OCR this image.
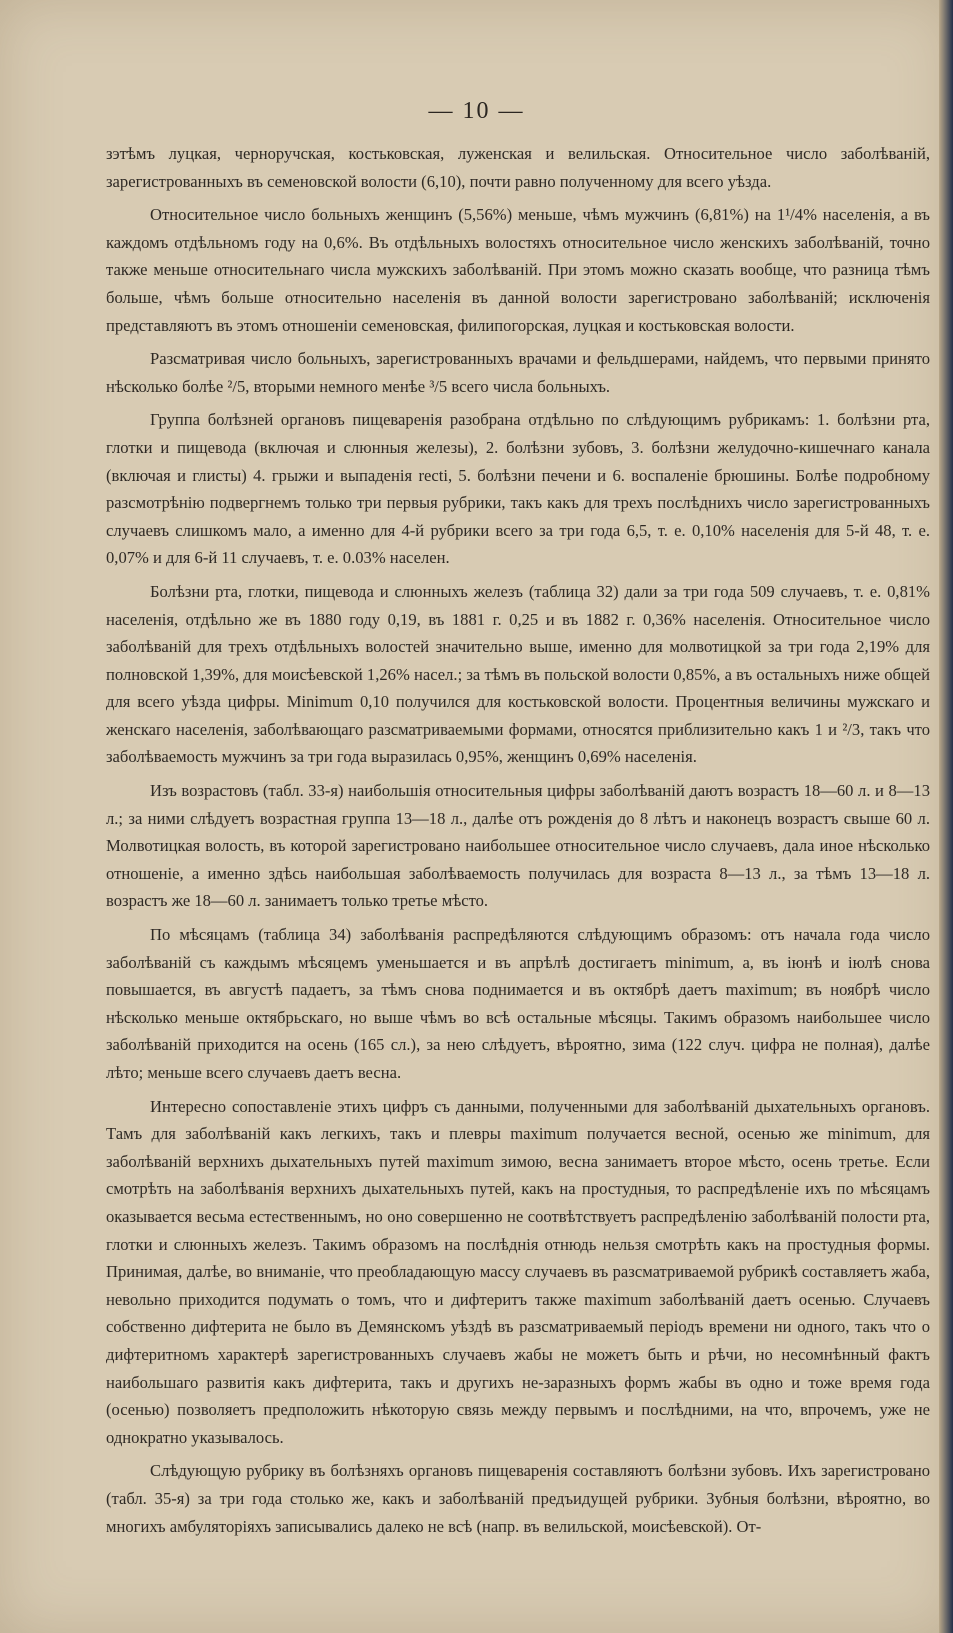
— 10 —

зэтѣмъ луцкая, черноручская, костьковская, луженская и велильская. Относительное число заболѣваній, зарегистрованныхъ въ семеновской волости (6,10), почти равно полученному для всего уѣзда.

Относительное число больныхъ женщинъ (5,56%) меньше, чѣмъ мужчинъ (6,81%) на 1¹/4% населенія, а въ каждомъ отдѣльномъ году на 0,6%. Въ отдѣльныхъ волостяхъ относительное число женскихъ заболѣваній, точно также меньше относительнаго числа мужскихъ заболѣваній. При этомъ можно сказать вообще, что разница тѣмъ больше, чѣмъ больше относительно населенія въ данной волости зарегистровано заболѣваній; исключенія представляютъ въ этомъ отношеніи семеновская, филипогорская, луцкая и костьковская волости.

Разсматривая число больныхъ, зарегистрованныхъ врачами и фельдшерами, найдемъ, что первыми принято нѣсколько болѣе ²/5, вторыми немного менѣе ³/5 всего числа больныхъ.

Группа болѣзней органовъ пищеваренія разобрана отдѣльно по слѣдующимъ рубрикамъ: 1. болѣзни рта, глотки и пищевода (включая и слюнныя железы), 2. болѣзни зубовъ, 3. болѣзни желудочно-кишечнаго канала (включая и глисты) 4. грыжи и выпаденія recti, 5. болѣзни печени и 6. воспаленіе брюшины. Болѣе подробному разсмотрѣнію подвергнемъ только три первыя рубрики, такъ какъ для трехъ послѣднихъ число зарегистрованныхъ случаевъ слишкомъ мало, а именно для 4-й рубрики всего за три года 6,5, т. е. 0,10% населенія для 5-й 48, т. е. 0,07% и для 6-й 11 случаевъ, т. е. 0.03% населен.

Болѣзни рта, глотки, пищевода и слюнныхъ железъ (таблица 32) дали за три года 509 случаевъ, т. е. 0,81% населенія, отдѣльно же въ 1880 году 0,19, въ 1881 г. 0,25 и въ 1882 г. 0,36% населенія. Относительное число заболѣваній для трехъ отдѣльныхъ волостей значительно выше, именно для молвотицкой за три года 2,19% для полновской 1,39%, для моисѣевской 1,26% насел.; за тѣмъ въ польской волости 0,85%, а въ остальныхъ ниже общей для всего уѣзда цифры. Minimum 0,10 получился для костьковской волости. Процентныя величины мужскаго и женскаго населенія, заболѣвающаго разсматриваемыми формами, относятся приблизительно какъ 1 и ²/3, такъ что заболѣваемость мужчинъ за три года выразилась 0,95%, женщинъ 0,69% населенія.

Изъ возрастовъ (табл. 33-я) наибольшія относительныя цифры заболѣваній даютъ возрастъ 18—60 л. и 8—13 л.; за ними слѣдуетъ возрастная группа 13—18 л., далѣе отъ рожденія до 8 лѣтъ и наконецъ возрастъ свыше 60 л. Молвотицкая волость, въ которой зарегистровано наибольшее относительное число случаевъ, дала иное нѣсколько отношеніе, а именно здѣсь наибольшая заболѣваемость получилась для возраста 8—13 л., за тѣмъ 13—18 л. возрастъ же 18—60 л. занимаетъ только третье мѣсто.

По мѣсяцамъ (таблица 34) заболѣванія распредѣляются слѣдующимъ образомъ: отъ начала года число заболѣваній съ каждымъ мѣсяцемъ уменьшается и въ апрѣлѣ достигаетъ minimum, а, въ іюнѣ и іюлѣ снова повышается, въ августѣ падаетъ, за тѣмъ снова поднимается и въ октябрѣ даетъ maximum; въ ноябрѣ число нѣсколько меньше октябрьскаго, но выше чѣмъ во всѣ остальные мѣсяцы. Такимъ образомъ наибольшее число заболѣваній приходится на осень (165 сл.), за нею слѣдуетъ, вѣроятно, зима (122 случ. цифра не полная), далѣе лѣто; меньше всего случаевъ даетъ весна.

Интересно сопоставленіе этихъ цифръ съ данными, полученными для заболѣваній дыхательныхъ органовъ. Тамъ для заболѣваній какъ легкихъ, такъ и плевры maximum получается весной, осенью же minimum, для заболѣваній верхнихъ дыхательныхъ путей maximum зимою, весна занимаетъ второе мѣсто, осень третье. Если смотрѣть на заболѣванія верхнихъ дыхательныхъ путей, какъ на простудныя, то распредѣленіе ихъ по мѣсяцамъ оказывается весьма естественнымъ, но оно совершенно не соотвѣтствуетъ распредѣленію заболѣваній полости рта, глотки и слюнныхъ железъ. Такимъ образомъ на послѣднія отнюдь нельзя смотрѣть какъ на простудныя формы. Принимая, далѣе, во вниманіе, что преобладающую массу случаевъ въ разсматриваемой рубрикѣ составляетъ жаба, невольно приходится подумать о томъ, что и дифтеритъ также maximum заболѣваній даетъ осенью. Случаевъ собственно дифтерита не было въ Демянскомъ уѣздѣ въ разсматриваемый періодъ времени ни одного, такъ что о дифтеритномъ характерѣ зарегистрованныхъ случаевъ жабы не можетъ быть и рѣчи, но несомнѣнный фактъ наибольшаго развитія какъ дифтерита, такъ и другихъ не-заразныхъ формъ жабы въ одно и тоже время года (осенью) позволяетъ предположить нѣкоторую связь между первымъ и послѣдними, на что, впрочемъ, уже не однократно указывалось.

Слѣдующую рубрику въ болѣзняхъ органовъ пищеваренія составляютъ болѣзни зубовъ. Ихъ зарегистровано (табл. 35-я) за три года столько же, какъ и заболѣваній предъидущей рубрики. Зубныя болѣзни, вѣроятно, во многихъ амбуляторіяхъ записывались далеко не всѣ (напр. въ велильской, моисѣевской). От-
